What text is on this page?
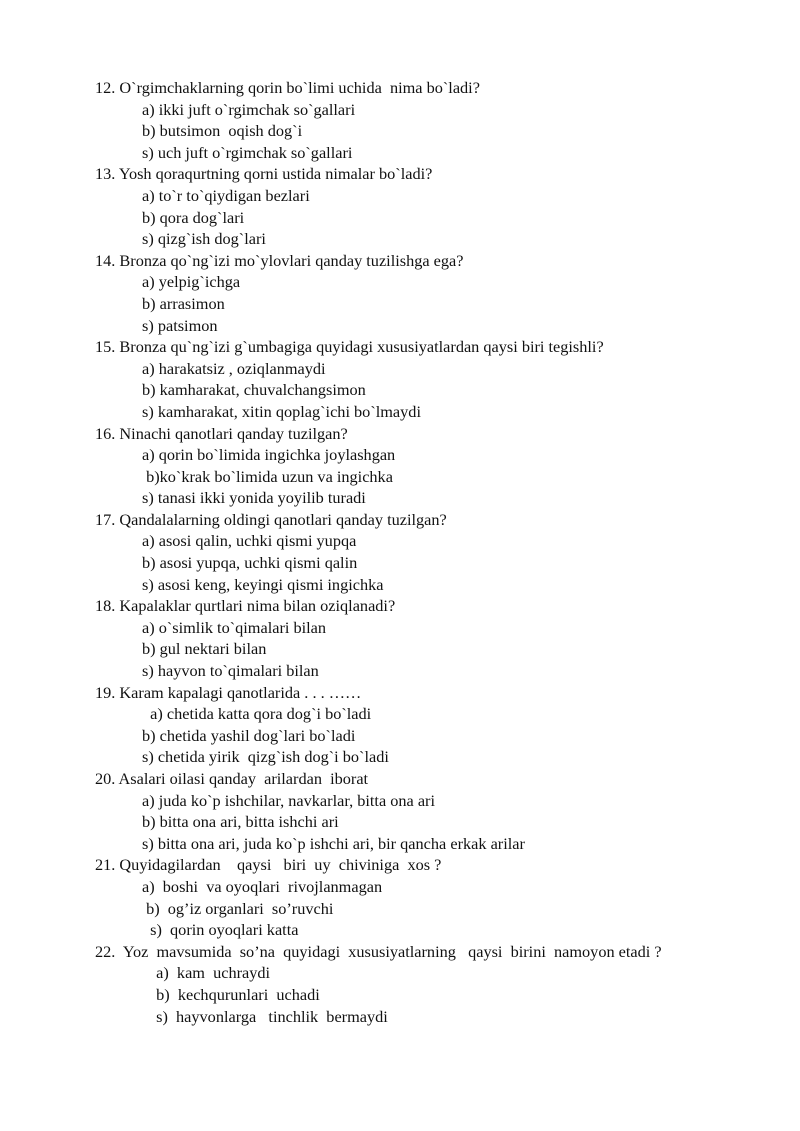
12. O`rgimchaklarning qorin bo`limi uchida  nima bo`ladi?

a) ikki juft o`rgimchak so`gallari

b) butsimon  oqish dog`i

s) uch juft o`rgimchak so`gallari

13. Yosh qoraqurtning qorni ustida nimalar bo`ladi?

a) to`r to`qiydigan bezlari

b) qora dog`lari

s) qizg`ish dog`lari

14. Bronza qo`ng`izi mo`ylovlari qanday tuzilishga ega?

a) yelpig`ichga

b) arrasimon

s) patsimon

15. Bronza qu`ng`izi g`umbagiga quyidagi xususiyatlardan qaysi biri tegishli?

a) harakatsiz , oziqlanmaydi

b) kamharakat, chuvalchangsimon

s) kamharakat, xitin qoplag`ichi bo`lmaydi

16. Ninachi qanotlari qanday tuzilgan?

a) qorin bo`limida ingichka joylashgan

b)ko`krak bo`limida uzun va ingichka

s) tanasi ikki yonida yoyilib turadi

17. Qandalalarning oldingi qanotlari qanday tuzilgan?

a) asosi qalin, uchki qismi yupqa

b) asosi yupqa, uchki qismi qalin

s) asosi keng, keyingi qismi ingichka

18. Kapalaklar qurtlari nima bilan oziqlanadi?

a) o`simlik to`qimalari bilan

b) gul nektari bilan

s) hayvon to`qimalari bilan

19. Karam kapalagi qanotlarida . . . ……

a) chetida katta qora dog`i bo`ladi

b) chetida yashil dog`lari bo`ladi

s) chetida yirik  qizg`ish dog`i bo`ladi

20. Asalari oilasi qanday  arilardan  iborat

a) juda ko`p ishchilar, navkarlar, bitta ona ari

b) bitta ona ari, bitta ishchi ari

s) bitta ona ari, juda ko`p ishchi ari, bir qancha erkak arilar

21. Quyidagilardan    qaysi   biri  uy  chiviniga  xos ?

a)  boshi  va oyoqlari  rivojlanmagan

b)  og’iz organlari  so’ruvchi

s)  qorin oyoqlari katta

22.  Yoz  mavsumida  so’na  quyidagi  xususiyatlarning   qaysi  birini  namoyon etadi ?

a)  kam  uchraydi

b)  kechqurunlari  uchadi

s)  hayvonlarga   tinchlik  bermaydi
